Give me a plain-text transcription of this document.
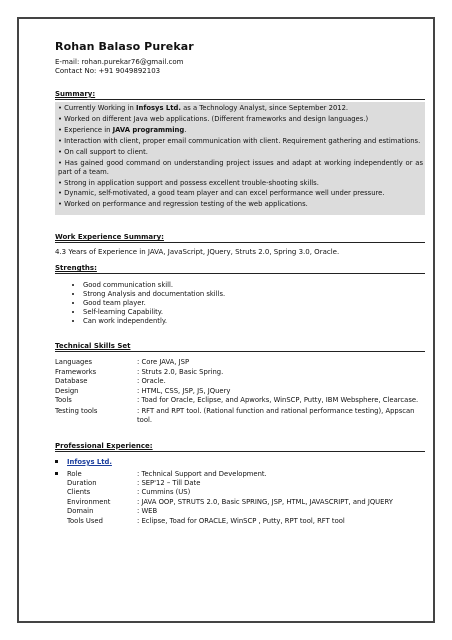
Rohan Balaso Purekar
E-mail: rohan.purekar76@gmail.com
Contact No: +91 9049892103
Summary:
• Currently Working in Infosys Ltd. as a Technology Analyst, since September 2012.
• Worked on different Java web applications. (Different frameworks and design languages.)
• Experience in JAVA programming.
• Interaction with client, proper email communication with client. Requirement gathering and estimations.
• On call support to client.
• Has gained good command on understanding project issues and adapt at working independently or as part of a team.
• Strong in application support and possess excellent trouble-shooting skills.
• Dynamic, self-motivated, a good team player and can excel performance well under pressure.
• Worked on performance and regression testing of the web applications.
Work Experience Summary:
4.3 Years of Experience in JAVA, JavaScript, JQuery, Struts 2.0, Spring 3.0, Oracle.
Strengths:
• Good communication skill.
• Strong Analysis and documentation skills.
• Good team player.
• Self-learning Capability.
• Can work independently.
Technical Skills Set
Languages	: Core JAVA, JSP
Frameworks	: Struts 2.0, Basic Spring.
Database	: Oracle.
Design	: HTML, CSS, JSP, JS, JQuery
Tools	: Toad for Oracle, Eclipse, and Apworks, WinSCP, Putty, IBM Websphere, Clearcase.
Testing tools	: RFT and RPT tool. (Rational function and rational performance testing), Appscan tool.
Professional Experience:
Infosys Ltd.
Role	: Technical Support and Development.
Duration	: SEP'12 – Till Date
Clients	: Cummins (US)
Environment	: JAVA OOP, STRUTS 2.0, Basic SPRING, JSP, HTML, JAVASCRIPT, and JQUERY
Domain	: WEB
Tools Used	: Eclipse, Toad for ORACLE, WinSCP , Putty, RPT tool, RFT tool
